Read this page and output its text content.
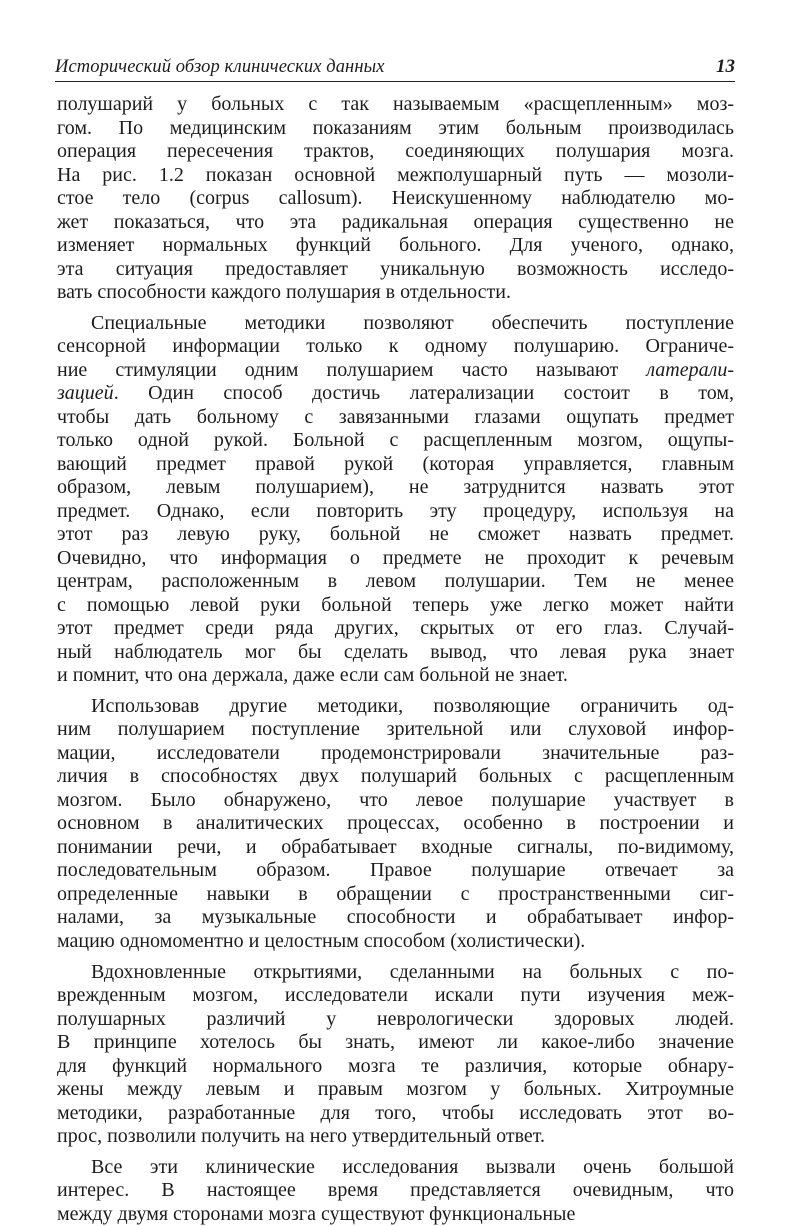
Исторический обзор клинических данных	13
полушарий у больных с так называемым «расщепленным» моз-
гом. По медицинским показаниям этим больным производилась
операция пересечения трактов, соединяющих полушария мозга.
На рис. 1.2 показан основной межполушарный путь — мозоли-
стое тело (corpus callosum). Неискушенному наблюдателю мо-
жет показаться, что эта радикальная операция существенно не
изменяет нормальных функций больного. Для ученого, однако,
эта ситуация предоставляет уникальную возможность исследо-
вать способности каждого полушария в отдельности.
Специальные методики позволяют обеспечить поступление
сенсорной информации только к одному полушарию. Ограниче-
ние стимуляции одним полушарием часто называют латерали-
зацией. Один способ достичь латерализации состоит в том,
чтобы дать больному с завязанными глазами ощупать предмет
только одной рукой. Больной с расщепленным мозгом, ощупы-
вающий предмет правой рукой (которая управляется, главным
образом, левым полушарием), не затруднится назвать этот
предмет. Однако, если повторить эту процедуру, используя на
этот раз левую руку, больной не сможет назвать предмет.
Очевидно, что информация о предмете не проходит к речевым
центрам, расположенным в левом полушарии. Тем не менее
с помощью левой руки больной теперь уже легко может найти
этот предмет среди ряда других, скрытых от его глаз. Случай-
ный наблюдатель мог бы сделать вывод, что левая рука знает
и помнит, что она держала, даже если сам больной не знает.
Использовав другие методики, позволяющие ограничить од-
ним полушарием поступление зрительной или слуховой инфор-
мации, исследователи продемонстрировали значительные раз-
личия в способностях двух полушарий больных с расщепленным
мозгом. Было обнаружено, что левое полушарие участвует в
основном в аналитических процессах, особенно в построении и
понимании речи, и обрабатывает входные сигналы, по-видимому,
последовательным образом. Правое полушарие отвечает за
определенные навыки в обращении с пространственными сиг-
налами, за музыкальные способности и обрабатывает инфор-
мацию одномоментно и целостным способом (холистически).
Вдохновленные открытиями, сделанными на больных с по-
врежденным мозгом, исследователи искали пути изучения меж-
полушарных различий у неврологически здоровых людей.
В принципе хотелось бы знать, имеют ли какое-либо значение
для функций нормального мозга те различия, которые обнару-
жены между левым и правым мозгом у больных. Хитроумные
методики, разработанные для того, чтобы исследовать этот во-
прос, позволили получить на него утвердительный ответ.
Все эти клинические исследования вызвали очень большой
интерес. В настоящее время представляется очевидным, что
между двумя сторонами мозга существуют функциональные
